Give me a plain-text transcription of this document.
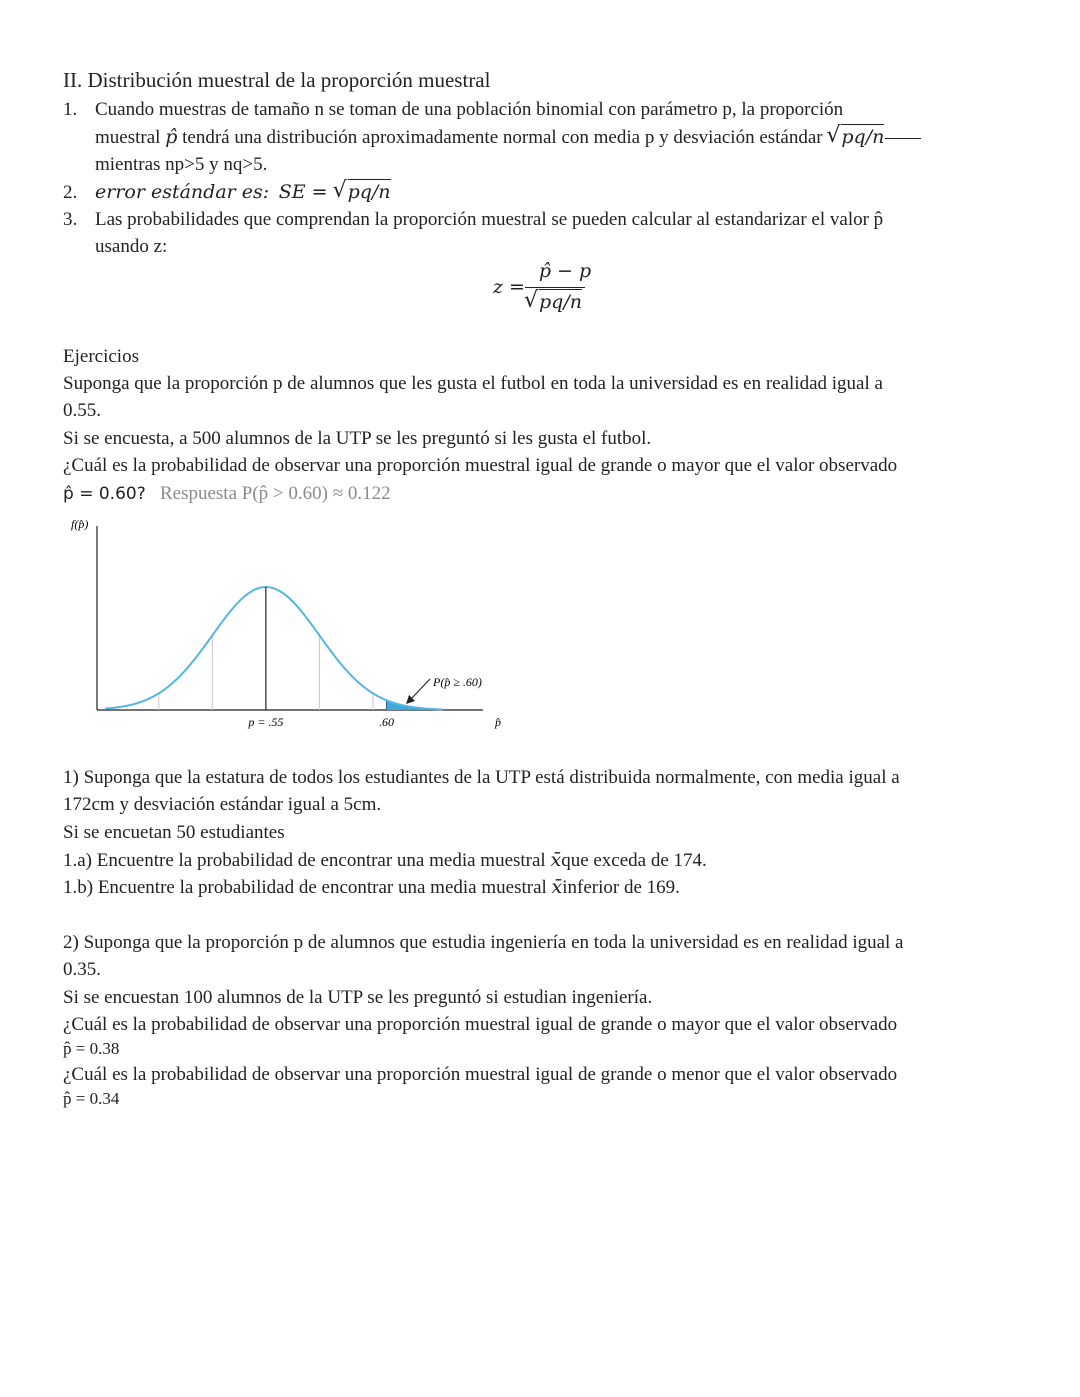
II. Distribución muestral de la proporción muestral
1. Cuando muestras de tamaño n se toman de una población binomial con parámetro p, la proporción
muestral p̂ tendrá una distribución aproximadamente normal con media p y desviación estándar √ pq/n
mientras np>5 y nq>5.
2. error estándar es: SE = √ pq/n
3. Las probabilidades que comprendan la proporción muestral se pueden calcular al estandarizar el valor p̂
usando z:
z =
p̂ − p
√ pq/n
Ejercicios
Suponga que la proporción p de alumnos que les gusta el futbol en toda la universidad es en realidad igual a
0.55.
Si se encuesta, a 500 alumnos de la UTP se les preguntó si les gusta el futbol.
¿Cuál es la probabilidad de observar una proporción muestral igual de grande o mayor que el valor observado
p̂ = 0.60? Respuesta P(p̂ > 0.60) ≈ 0.122
f(p̂)
p = .55	.60	p̂
P(p̂ ≥ .60)
1) Suponga que la estatura de todos los estudiantes de la UTP está distribuida normalmente, con media igual a
172cm y desviación estándar igual a 5cm.
Si se encuetan 50 estudiantes
1.a) Encuentre la probabilidad de encontrar una media muestral x̄que exceda de 174.
1.b) Encuentre la probabilidad de encontrar una media muestral x̄inferior de 169.
2) Suponga que la proporción p de alumnos que estudia ingeniería en toda la universidad es en realidad igual a
0.35.
Si se encuestan 100 alumnos de la UTP se les preguntó si estudian ingeniería.
¿Cuál es la probabilidad de observar una proporción muestral igual de grande o mayor que el valor observado
p̂ = 0.38
¿Cuál es la probabilidad de observar una proporción muestral igual de grande o menor que el valor observado
p̂ = 0.34
